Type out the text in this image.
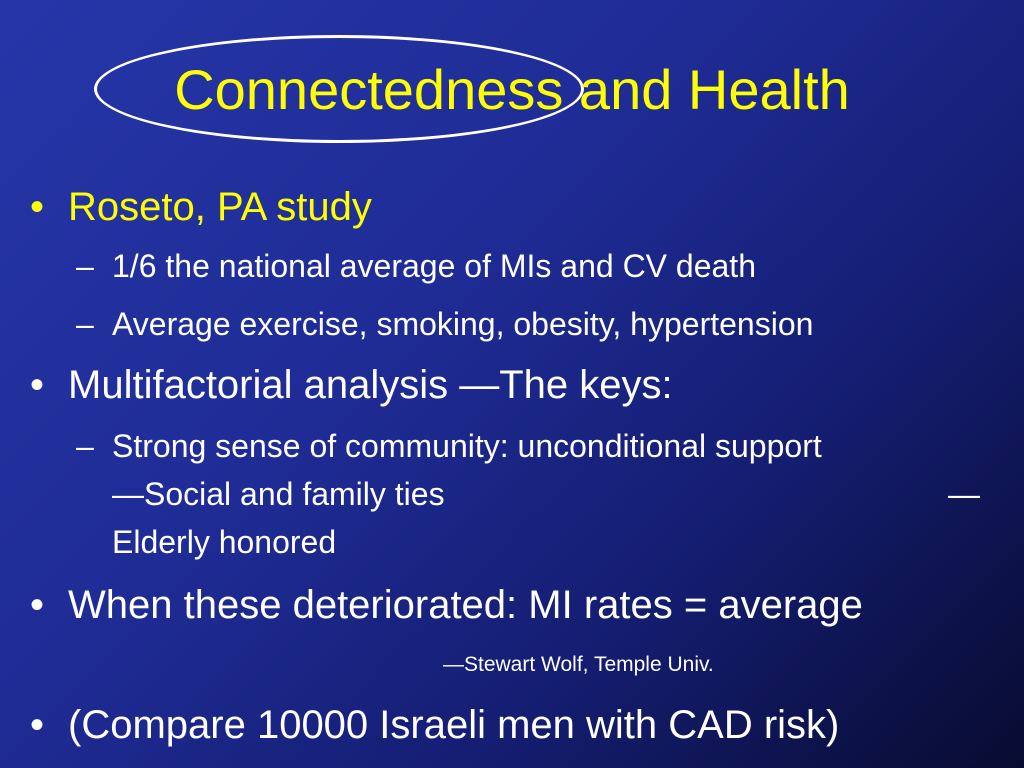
Connectedness and Health
• Roseto, PA study
– 1/6 the national average of MIs and CV death
– Average exercise, smoking, obesity, hypertension
• Multifactorial analysis —The keys:
– Strong sense of community: unconditional support
—Social and family ties	—
Elderly honored
• When these deteriorated: MI rates = average
—Stewart Wolf, Temple Univ.
• (Compare 10000 Israeli men with CAD risk)
